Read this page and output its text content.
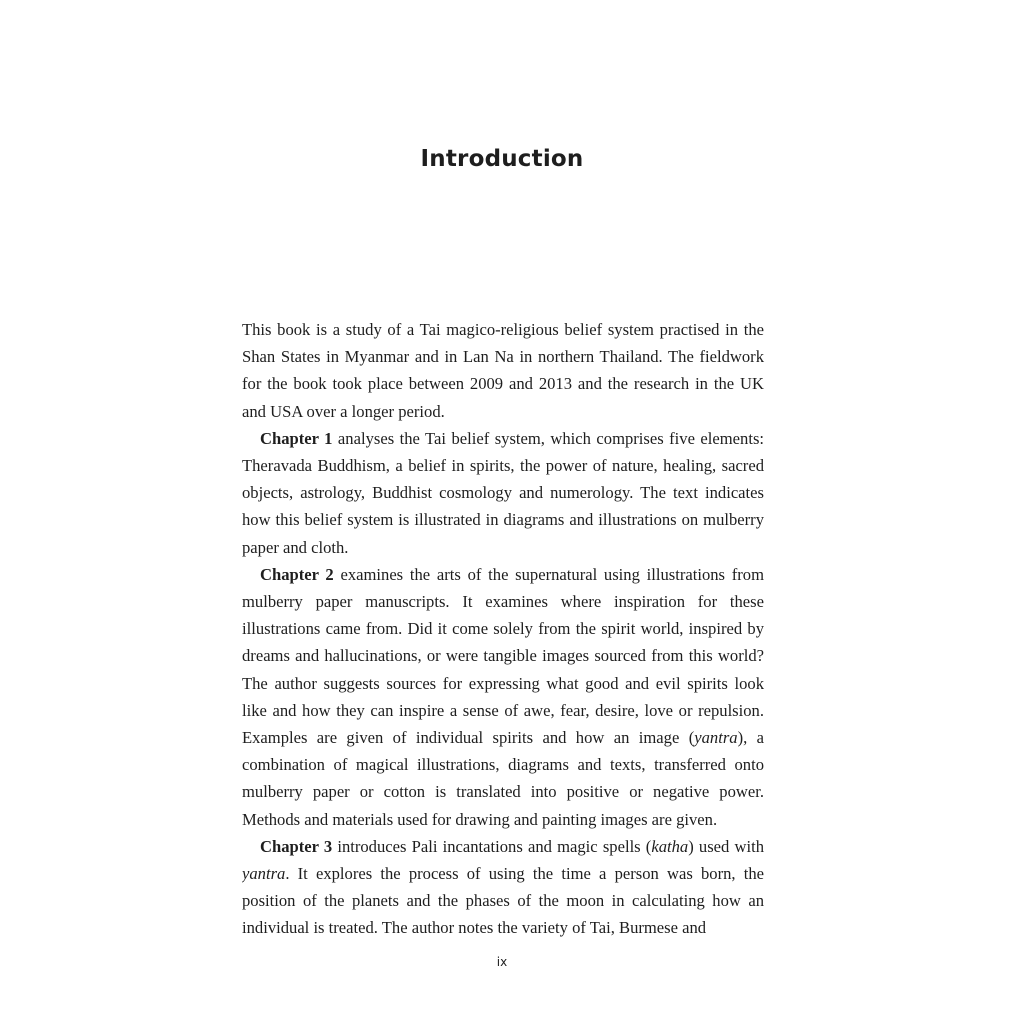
Introduction

This book is a study of a Tai magico-religious belief system practised in the Shan States in Myanmar and in Lan Na in northern Thailand. The fieldwork for the book took place between 2009 and 2013 and the research in the UK and USA over a longer period.

Chapter 1 analyses the Tai belief system, which comprises five elements: Theravada Buddhism, a belief in spirits, the power of nature, healing, sacred objects, astrology, Buddhist cosmology and numerology. The text indicates how this belief system is illustrated in diagrams and illustrations on mulberry paper and cloth.

Chapter 2 examines the arts of the supernatural using illustrations from mulberry paper manuscripts. It examines where inspiration for these illustrations came from. Did it come solely from the spirit world, inspired by dreams and hallucinations, or were tangible images sourced from this world? The author suggests sources for expressing what good and evil spirits look like and how they can inspire a sense of awe, fear, desire, love or repulsion. Examples are given of individual spirits and how an image (yantra), a combination of magical illustrations, diagrams and texts, transferred onto mulberry paper or cotton is translated into positive or negative power. Methods and materials used for drawing and painting images are given.

Chapter 3 introduces Pali incantations and magic spells (katha) used with yantra. It explores the process of using the time a person was born, the position of the planets and the phases of the moon in calculating how an individual is treated. The author notes the variety of Tai, Burmese and

ix
